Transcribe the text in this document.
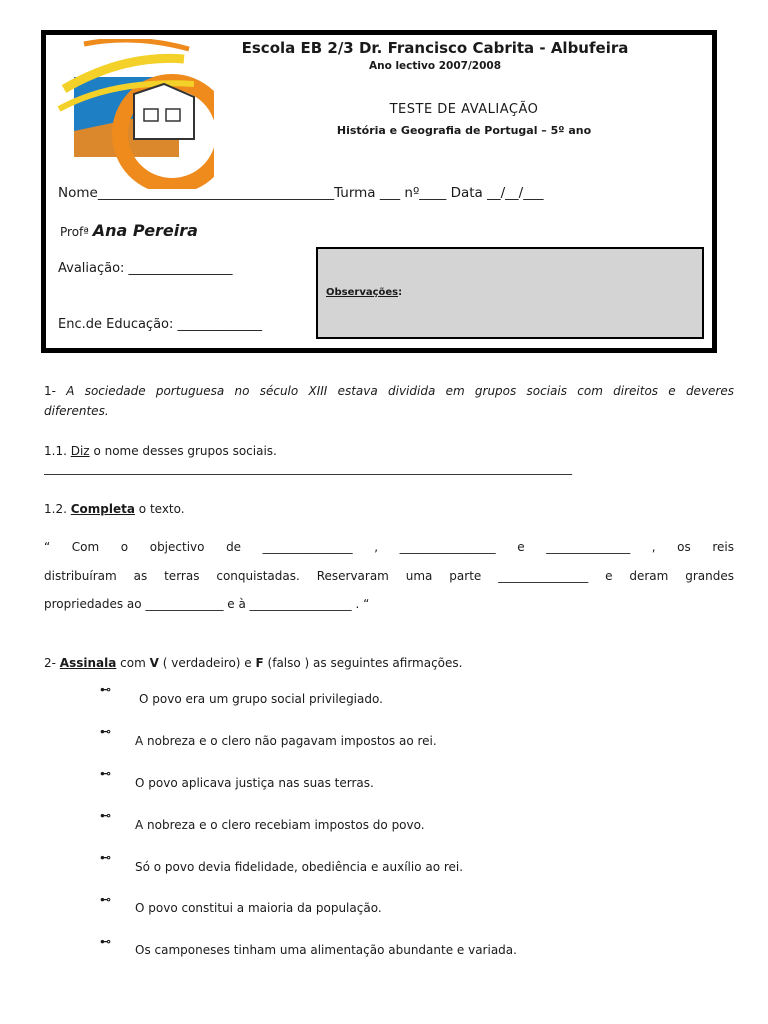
Escola EB 2/3 Dr. Francisco Cabrita - Albufeira
Ano lectivo 2007/2008
TESTE DE AVALIAÇÃO
História e Geografia de Portugal – 5º ano
Nome___________________________________Turma ___ nº____ Data __/__/___
Profª Ana Pereira
Avaliação: ________________
Enc.de Educação: _____________
Observações:
1- A sociedade portuguesa no século XIII estava dividida em grupos sociais com direitos e deveres
diferentes.
1.1. Diz o nome desses grupos sociais.
________________________________________________________________________________________
1.2. Completa o texto.
“ Com o objectivo de _______________ , ________________ e ______________ , os reis
distribuíram as terras conquistadas. Reservaram uma parte _______________ e deram grandes
propriedades ao _____________ e à _________________ . “
2- Assinala com V ( verdadeiro) e F (falso ) as seguintes afirmações.
⊷
O povo era um grupo social privilegiado.
⊷
A nobreza e o clero não pagavam impostos ao rei.
⊷
O povo aplicava justiça nas suas terras.
⊷
A nobreza e o clero recebiam impostos do povo.
⊷
Só o povo devia fidelidade, obediência e auxílio ao rei.
⊷
O povo constitui a maioria da população.
⊷
Os camponeses tinham uma alimentação abundante e variada.
